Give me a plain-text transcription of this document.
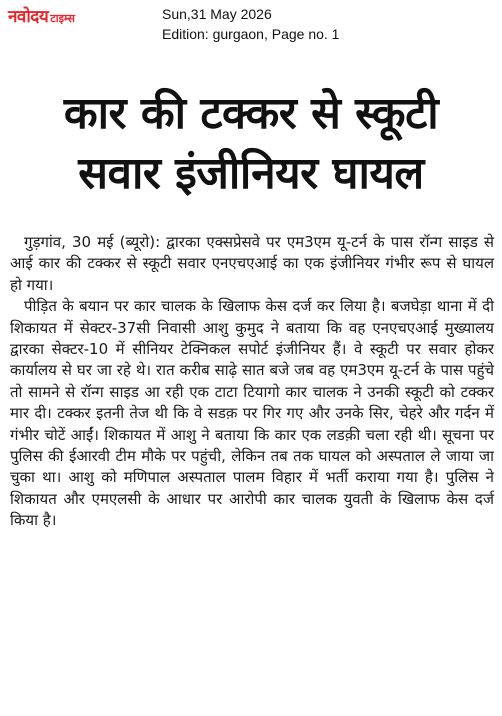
नवोदय टाइम्स	Sun,31 May 2026
Edition: gurgaon, Page no. 1
कार की टक्कर से स्कूटी
सवार इंजीनियर घायल

गुड़गांव, 30 मई (ब्यूरो): द्वारका एक्सप्रेसवे पर एम3एम यू-टर्न के पास रॉन्ग साइड से आई कार की टक्कर से स्कूटी सवार एनएचएआई का एक इंजीनियर गंभीर रूप से घायल हो गया।

पीड़ित के बयान पर कार चालक के खिलाफ केस दर्ज कर लिया है। बजघेड़ा थाना में दी शिकायत में सेक्टर-37सी निवासी आशु कुमुद ने बताया कि वह एनएचएआई मुख्यालय द्वारका सेक्टर-10 में सीनियर टेक्निकल सपोर्ट इंजीनियर हैं। वे स्कूटी पर सवार होकर कार्यालय से घर जा रहे थे। रात करीब साढ़े सात बजे जब वह एम3एम यू-टर्न के पास पहुंचे तो सामने से रॉन्ग साइड आ रही एक टाटा टियागो कार चालक ने उनकी स्कूटी को टक्कर मार दी। टक्कर इतनी तेज थी कि वे सडक़ पर गिर गए और उनके सिर, चेहरे और गर्दन में गंभीर चोटें आईं। शिकायत में आशु ने बताया कि कार एक लडक़ी चला रही थी। सूचना पर पुलिस की ईआरवी टीम मौके पर पहुंची, लेकिन तब तक घायल को अस्पताल ले जाया जा चुका था। आशु को मणिपाल अस्पताल पालम विहार में भर्ती कराया गया है। पुलिस ने शिकायत और एमएलसी के आधार पर आरोपी कार चालक युवती के खिलाफ केस दर्ज किया है।
